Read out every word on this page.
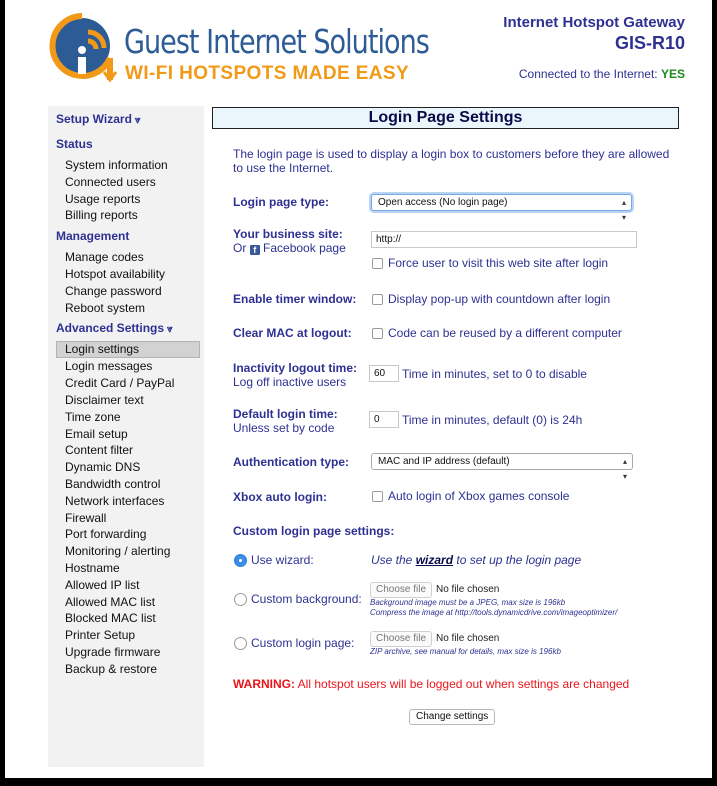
Guest Internet Solutions
WI-FI HOTSPOTS MADE EASY
Internet Hotspot Gateway
GIS-R10
Connected to the Internet: YES
Setup Wizard ⩔
Status
System information
Connected users
Usage reports
Billing reports
Management
Manage codes
Hotspot availability
Change password
Reboot system
Advanced Settings ⩔
Login settings
Login messages
Credit Card / PayPal
Disclaimer text
Time zone
Email setup
Content filter
Dynamic DNS
Bandwidth control
Network interfaces
Firewall
Port forwarding
Monitoring / alerting
Hostname
Allowed IP list
Allowed MAC list
Blocked MAC list
Printer Setup
Upgrade firmware
Backup & restore
Login Page Settings
The login page is used to display a login box to customers before they are allowed to use the Internet.
Login page type:	Open access (No login page)	▴
▾
Your business site:
Or f Facebook page
http://
Force user to visit this web site after login
Enable timer window:	Display pop-up with countdown after login
Clear MAC at logout:	Code can be reused by a different computer
Inactivity logout time:
Log off inactive users
60	Time in minutes, set to 0 to disable
Default login time:
Unless set by code
0	Time in minutes, default (0) is 24h
Authentication type:	MAC and IP address (default)	▴
▾
Xbox auto login:	Auto login of Xbox games console
Custom login page settings:
Use wizard:	Use the wizard to set up the login page
Custom background:
Choose file No file chosen
Background image must be a JPEG, max size is 196kb
Compress the image at http://tools.dynamicdrive.com/imageoptimizer/
Custom login page:	Choose file No file chosen
ZIP archive, see manual for details, max size is 196kb
WARNING: All hotspot users will be logged out when settings are changed
Change settings
